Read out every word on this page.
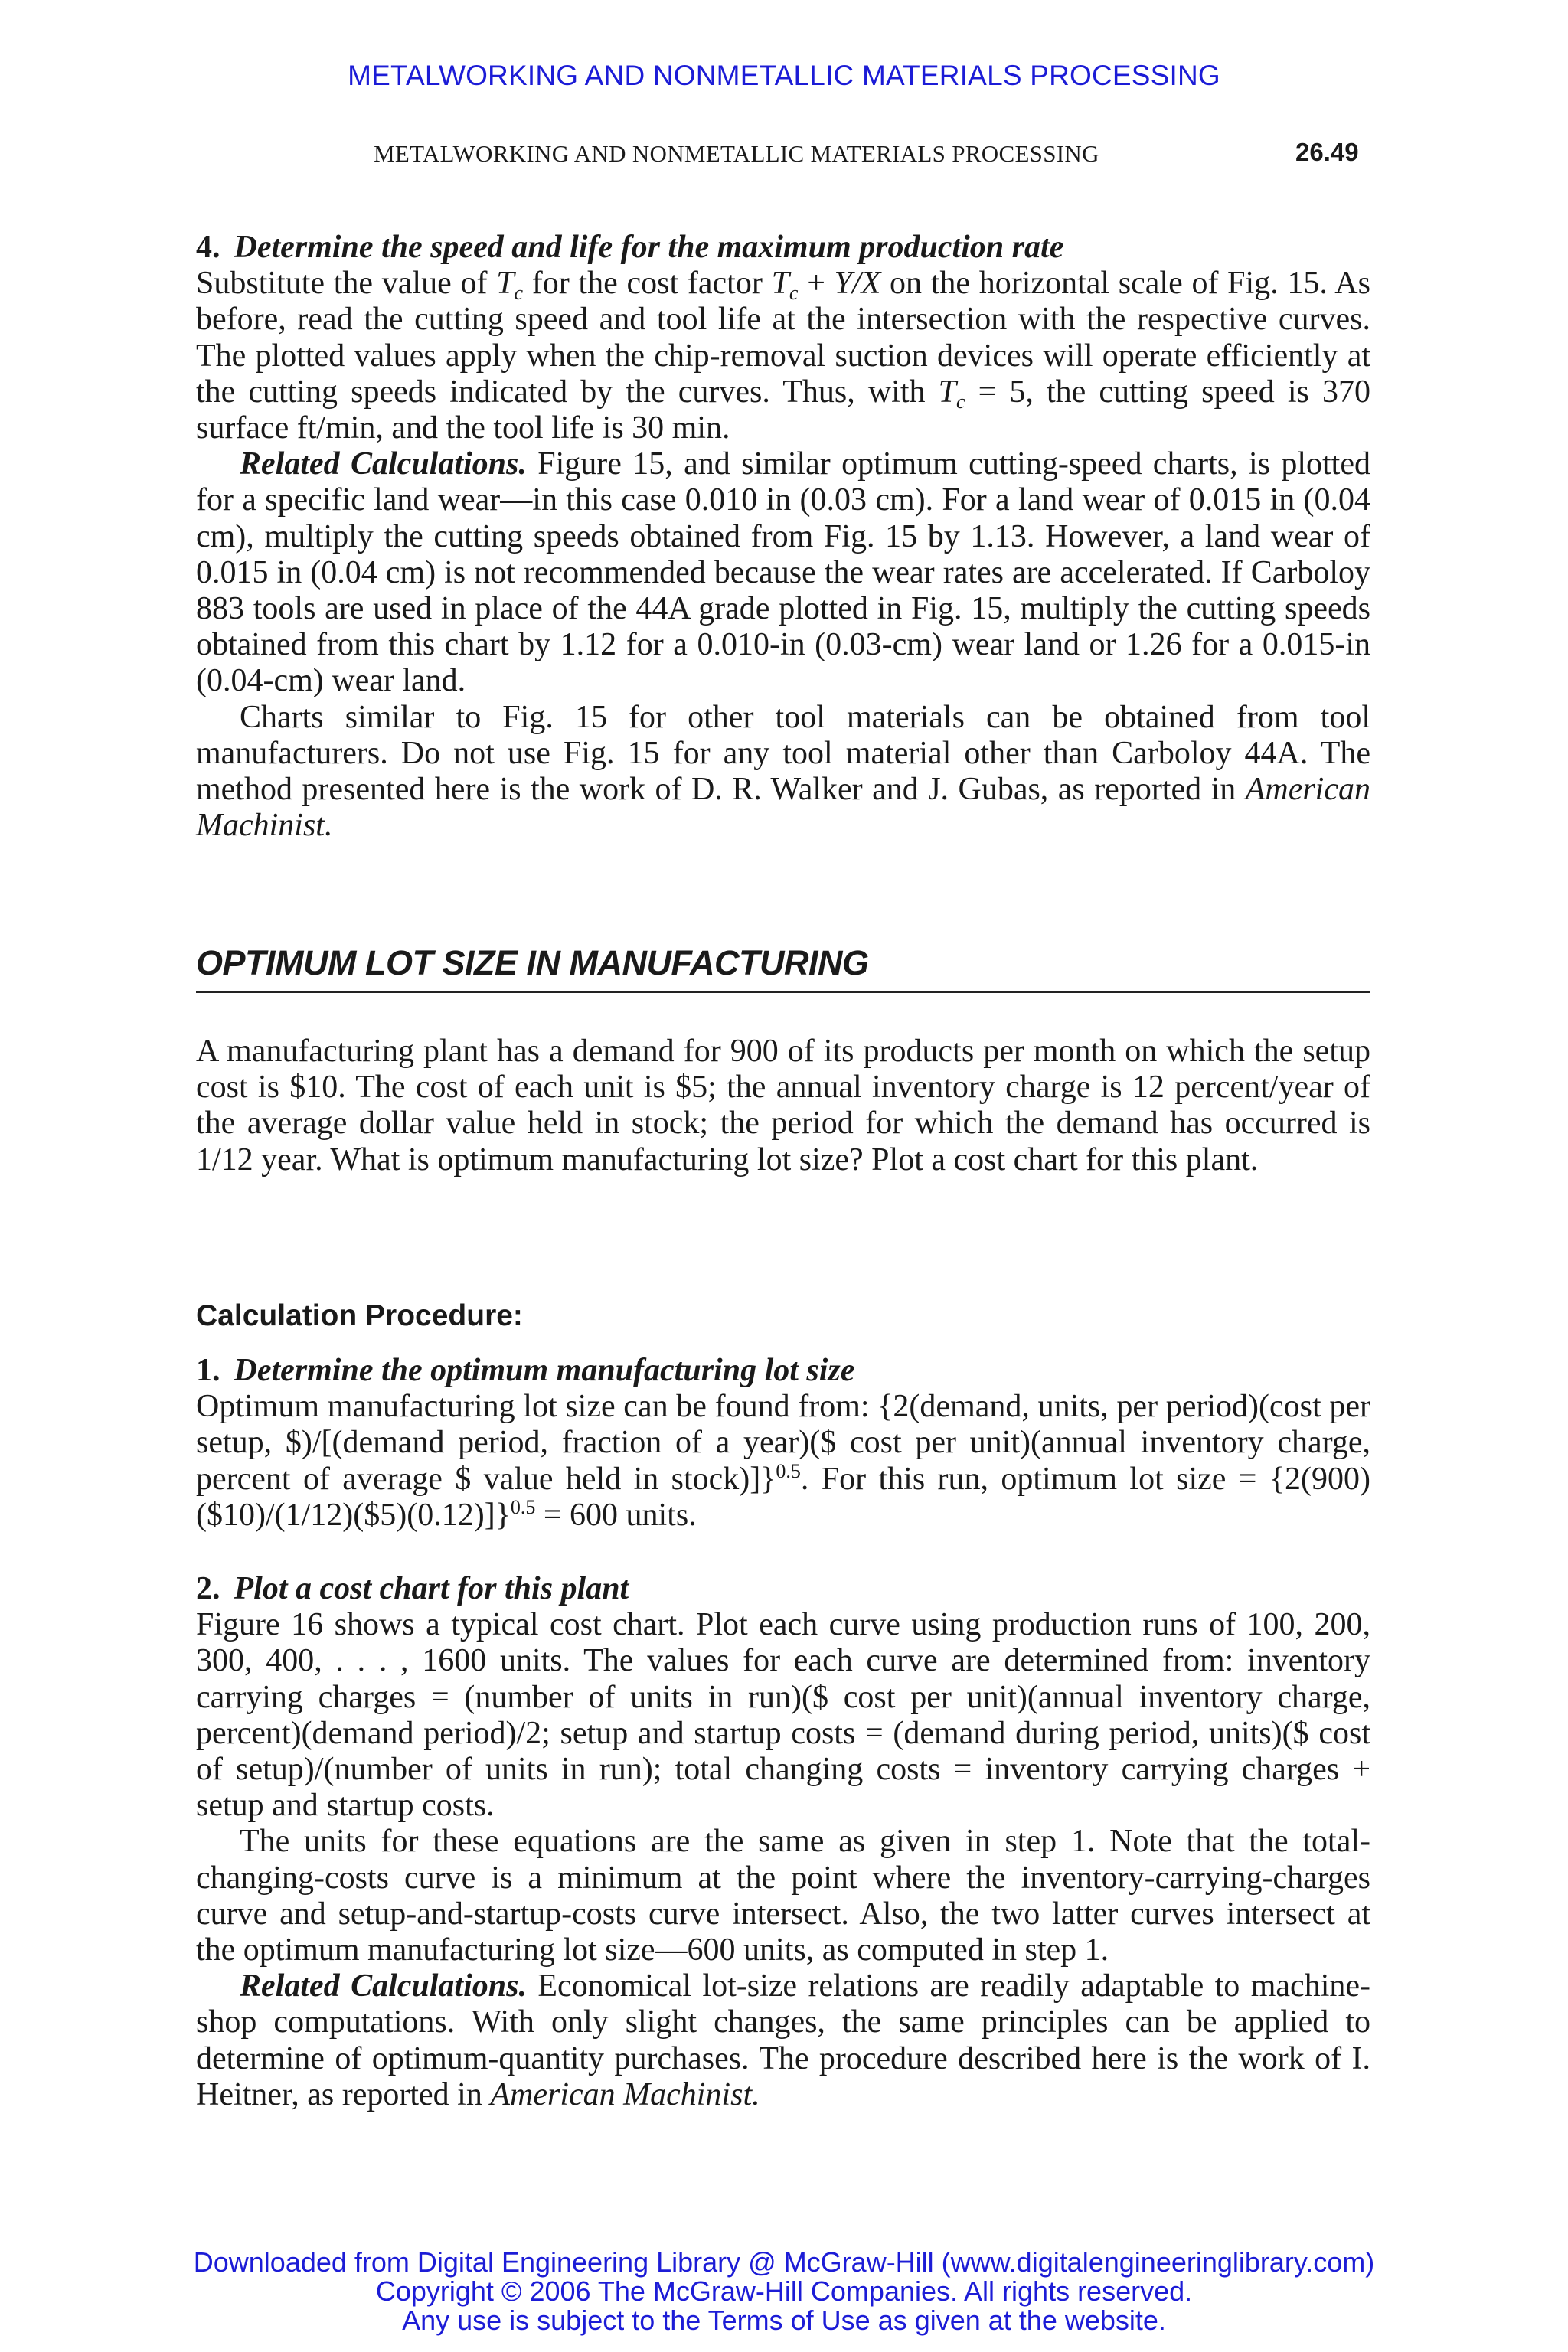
METALWORKING AND NONMETALLIC MATERIALS PROCESSING
METALWORKING AND NONMETALLIC MATERIALS PROCESSING	26.49

4. Determine the speed and life for the maximum production rate

Substitute the value of $T_c$ for the cost factor $T_c + Y/X$ on the horizontal scale of Fig. 15. As before, read the cutting speed and tool life at the intersection with the respective curves. The plotted values apply when the chip-removal suction devices will operate efficiently at the cutting speeds indicated by the curves. Thus, with $T_c = 5$, the cutting speed is 370 surface ft/min, and the tool life is 30 min.

Related Calculations. Figure 15, and similar optimum cutting-speed charts, is plotted for a specific land wear—in this case 0.010 in (0.03 cm). For a land wear of 0.015 in (0.04 cm), multiply the cutting speeds obtained from Fig. 15 by 1.13. However, a land wear of 0.015 in (0.04 cm) is not recommended because the wear rates are accelerated. If Carboloy 883 tools are used in place of the 44A grade plotted in Fig. 15, multiply the cutting speeds obtained from this chart by 1.12 for a 0.010-in (0.03-cm) wear land or 1.26 for a 0.015-in (0.04-cm) wear land.

Charts similar to Fig. 15 for other tool materials can be obtained from tool manufacturers. Do not use Fig. 15 for any tool material other than Carboloy 44A. The method presented here is the work of D. R. Walker and J. Gubas, as reported in American Machinist.

OPTIMUM LOT SIZE IN MANUFACTURING

A manufacturing plant has a demand for 900 of its products per month on which the setup cost is $10. The cost of each unit is $5; the annual inventory charge is 12 percent/year of the average dollar value held in stock; the period for which the demand has occurred is 1/12 year. What is optimum manufacturing lot size? Plot a cost chart for this plant.

Calculation Procedure:

1. Determine the optimum manufacturing lot size

Optimum manufacturing lot size can be found from: {2(demand, units, per period)(cost per setup, $)/[(demand period, fraction of a year)($ cost per unit)(annual inventory charge, percent of average $ value held in stock)]}$^{0.5}$. For this run, optimum lot size = {2(900)($10)/(1/12)($5)(0.12)]}$^{0.5}$ = 600 units.

2. Plot a cost chart for this plant

Figure 16 shows a typical cost chart. Plot each curve using production runs of 100, 200, 300, 400, . . . , 1600 units. The values for each curve are determined from: inventory carrying charges = (number of units in run)($ cost per unit)(annual inventory charge, percent)(demand period)/2; setup and startup costs = (demand during period, units)($ cost of setup)/(number of units in run); total changing costs = inventory carrying charges + setup and startup costs.

The units for these equations are the same as given in step 1. Note that the total-changing-costs curve is a minimum at the point where the inventory-carrying-charges curve and setup-and-startup-costs curve intersect. Also, the two latter curves intersect at the optimum manufacturing lot size—600 units, as computed in step 1.

Related Calculations. Economical lot-size relations are readily adaptable to machine-shop computations. With only slight changes, the same principles can be applied to determine of optimum-quantity purchases. The procedure described here is the work of I. Heitner, as reported in American Machinist.

Downloaded from Digital Engineering Library @ McGraw-Hill (www.digitalengineeringlibrary.com)
Copyright © 2006 The McGraw-Hill Companies. All rights reserved.
Any use is subject to the Terms of Use as given at the website.
